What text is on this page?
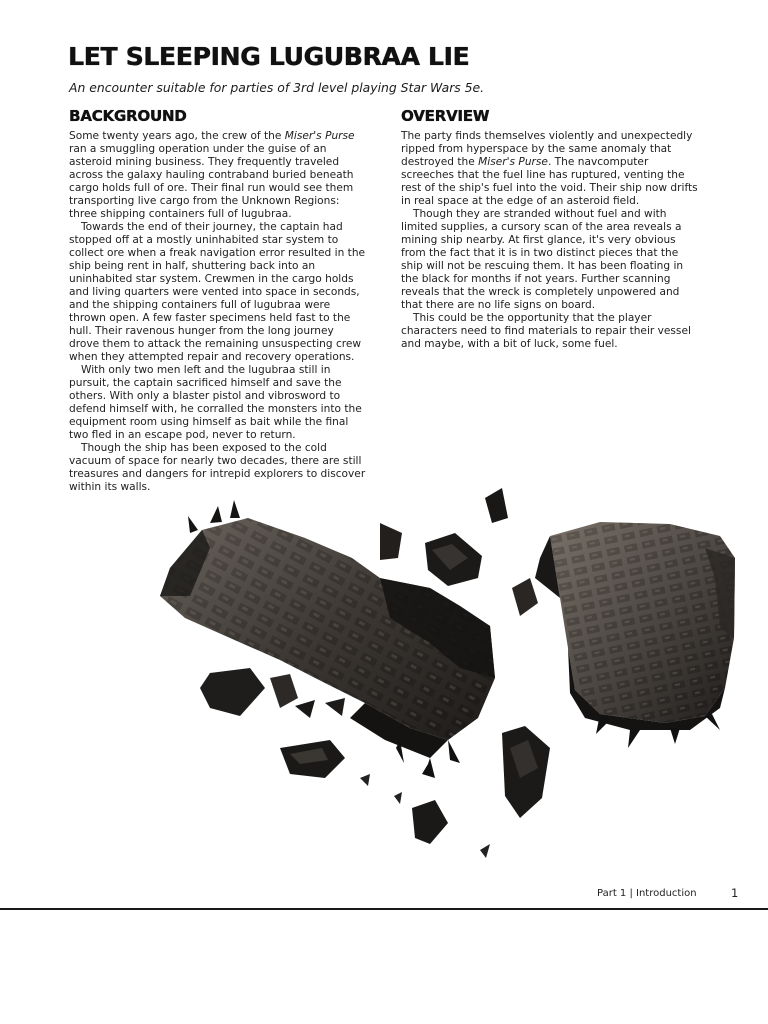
LET SLEEPING LUGUBRAA LIE

An encounter suitable for parties of 3rd level playing Star Wars 5e.

BACKGROUND

Some twenty years ago, the crew of the Miser's Purse ran a smuggling operation under the guise of an asteroid mining business. They frequently traveled across the galaxy hauling contraband buried beneath cargo holds full of ore. Their final run would see them transporting live cargo from the Unknown Regions: three shipping containers full of lugubraa.

Towards the end of their journey, the captain had stopped off at a mostly uninhabited star system to collect ore when a freak navigation error resulted in the ship being rent in half, shuttering back into an uninhabited star system. Crewmen in the cargo holds and living quarters were vented into space in seconds, and the shipping containers full of lugubraa were thrown open. A few faster specimens held fast to the hull. Their ravenous hunger from the long journey drove them to attack the remaining unsuspecting crew when they attempted repair and recovery operations.

With only two men left and the lugubraa still in pursuit, the captain sacrificed himself and save the others. With only a blaster pistol and vibrosword to defend himself with, he corralled the monsters into the equipment room using himself as bait while the final two fled in an escape pod, never to return.

Though the ship has been exposed to the cold vacuum of space for nearly two decades, there are still treasures and dangers for intrepid explorers to discover within its walls.

OVERVIEW

The party finds themselves violently and unexpectedly ripped from hyperspace by the same anomaly that destroyed the Miser's Purse. The navcomputer screeches that the fuel line has ruptured, venting the rest of the ship's fuel into the void. Their ship now drifts in real space at the edge of an asteroid field.

Though they are stranded without fuel and with limited supplies, a cursory scan of the area reveals a mining ship nearby. At first glance, it's very obvious from the fact that it is in two distinct pieces that the ship will not be rescuing them. It has been floating in the black for months if not years. Further scanning reveals that the wreck is completely unpowered and that there are no life signs on board.

This could be the opportunity that the player characters need to find materials to repair their vessel and maybe, with a bit of luck, some fuel.

Part 1 | Introduction	1
